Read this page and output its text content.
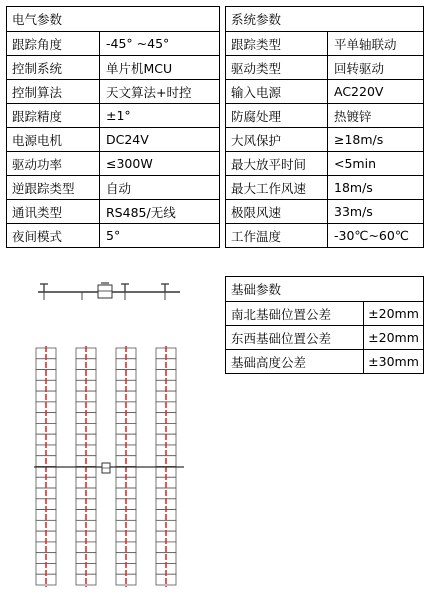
电气参数	
跟踪角度	-45° ~45°
控制系统	单片机MCU
控制算法	天文算法+时控
跟踪精度	±1°
电源电机	DC24V
驱动功率	≤300W
逆跟踪类型	自动
通讯类型	RS485/无线
夜间模式	5°
系统参数	
跟踪类型	平单轴联动
驱动类型	回转驱动
输入电源	AC220V
防腐处理	热镀锌
大风保护	≥18m/s
最大放平时间	<5min
最大工作风速	18m/s
极限风速	33m/s
工作温度	-30℃~60℃
基础参数	
南北基础位置公差	±20mm
东西基础位置公差	±20mm
基础高度公差	±30mm
